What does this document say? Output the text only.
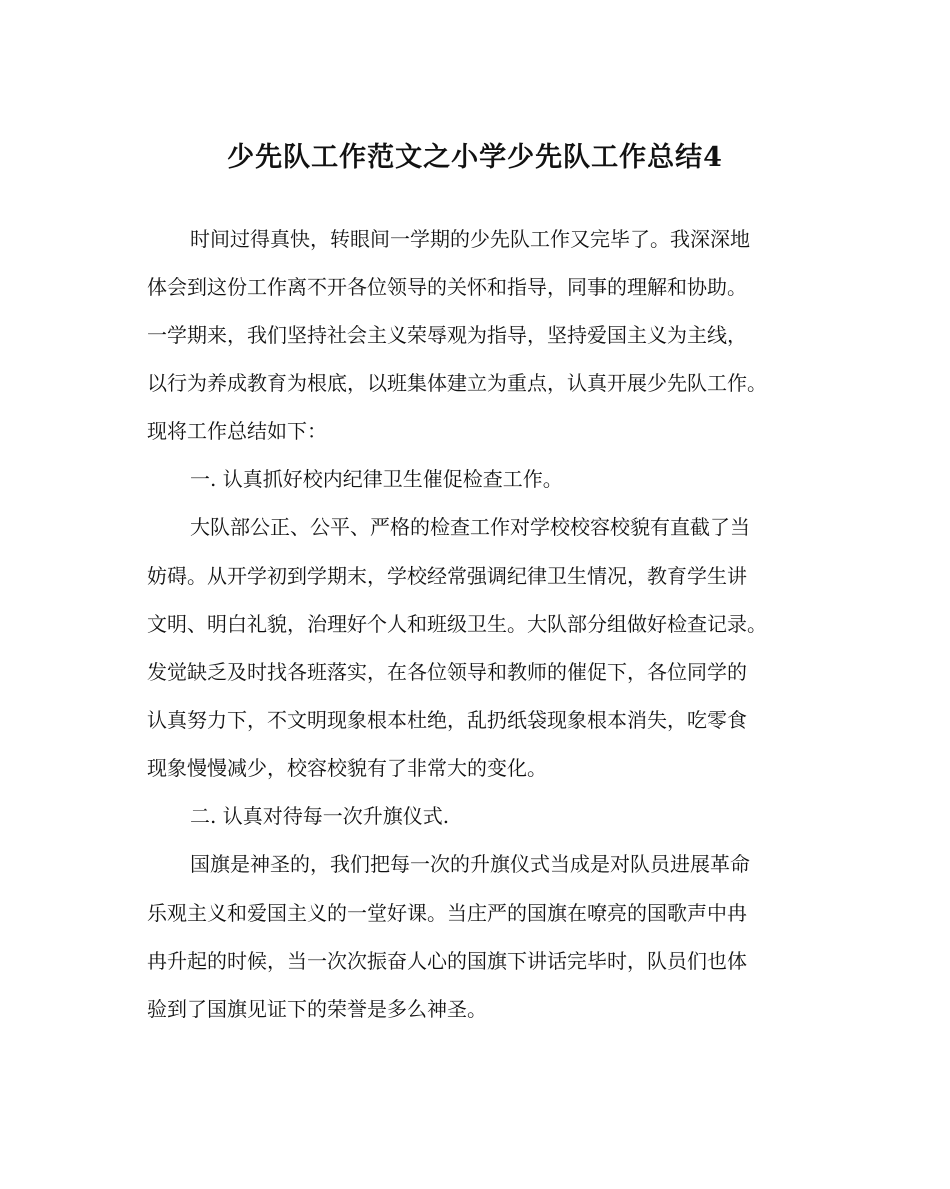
少先队工作范文之小学少先队工作总结4
时间过得真快，转眼间一学期的少先队工作又完毕了。我深深地
体会到这份工作离不开各位领导的关怀和指导，同事的理解和协助。
一学期来，我们坚持社会主义荣辱观为指导，坚持爱国主义为主线，
以行为养成教育为根底，以班集体建立为重点，认真开展少先队工作。
现将工作总结如下：
一. 认真抓好校内纪律卫生催促检查工作。
大队部公正、公平、严格的检查工作对学校校容校貌有直截了当
妨碍。从开学初到学期末，学校经常强调纪律卫生情况，教育学生讲
文明、明白礼貌，治理好个人和班级卫生。大队部分组做好检查记录。
发觉缺乏及时找各班落实，在各位领导和教师的催促下，各位同学的
认真努力下，不文明现象根本杜绝，乱扔纸袋现象根本消失，吃零食
现象慢慢减少，校容校貌有了非常大的变化。
二. 认真对待每一次升旗仪式.
国旗是神圣的，我们把每一次的升旗仪式当成是对队员进展革命
乐观主义和爱国主义的一堂好课。当庄严的国旗在嘹亮的国歌声中冉
冉升起的时候，当一次次振奋人心的国旗下讲话完毕时，队员们也体
验到了国旗见证下的荣誉是多么神圣。
